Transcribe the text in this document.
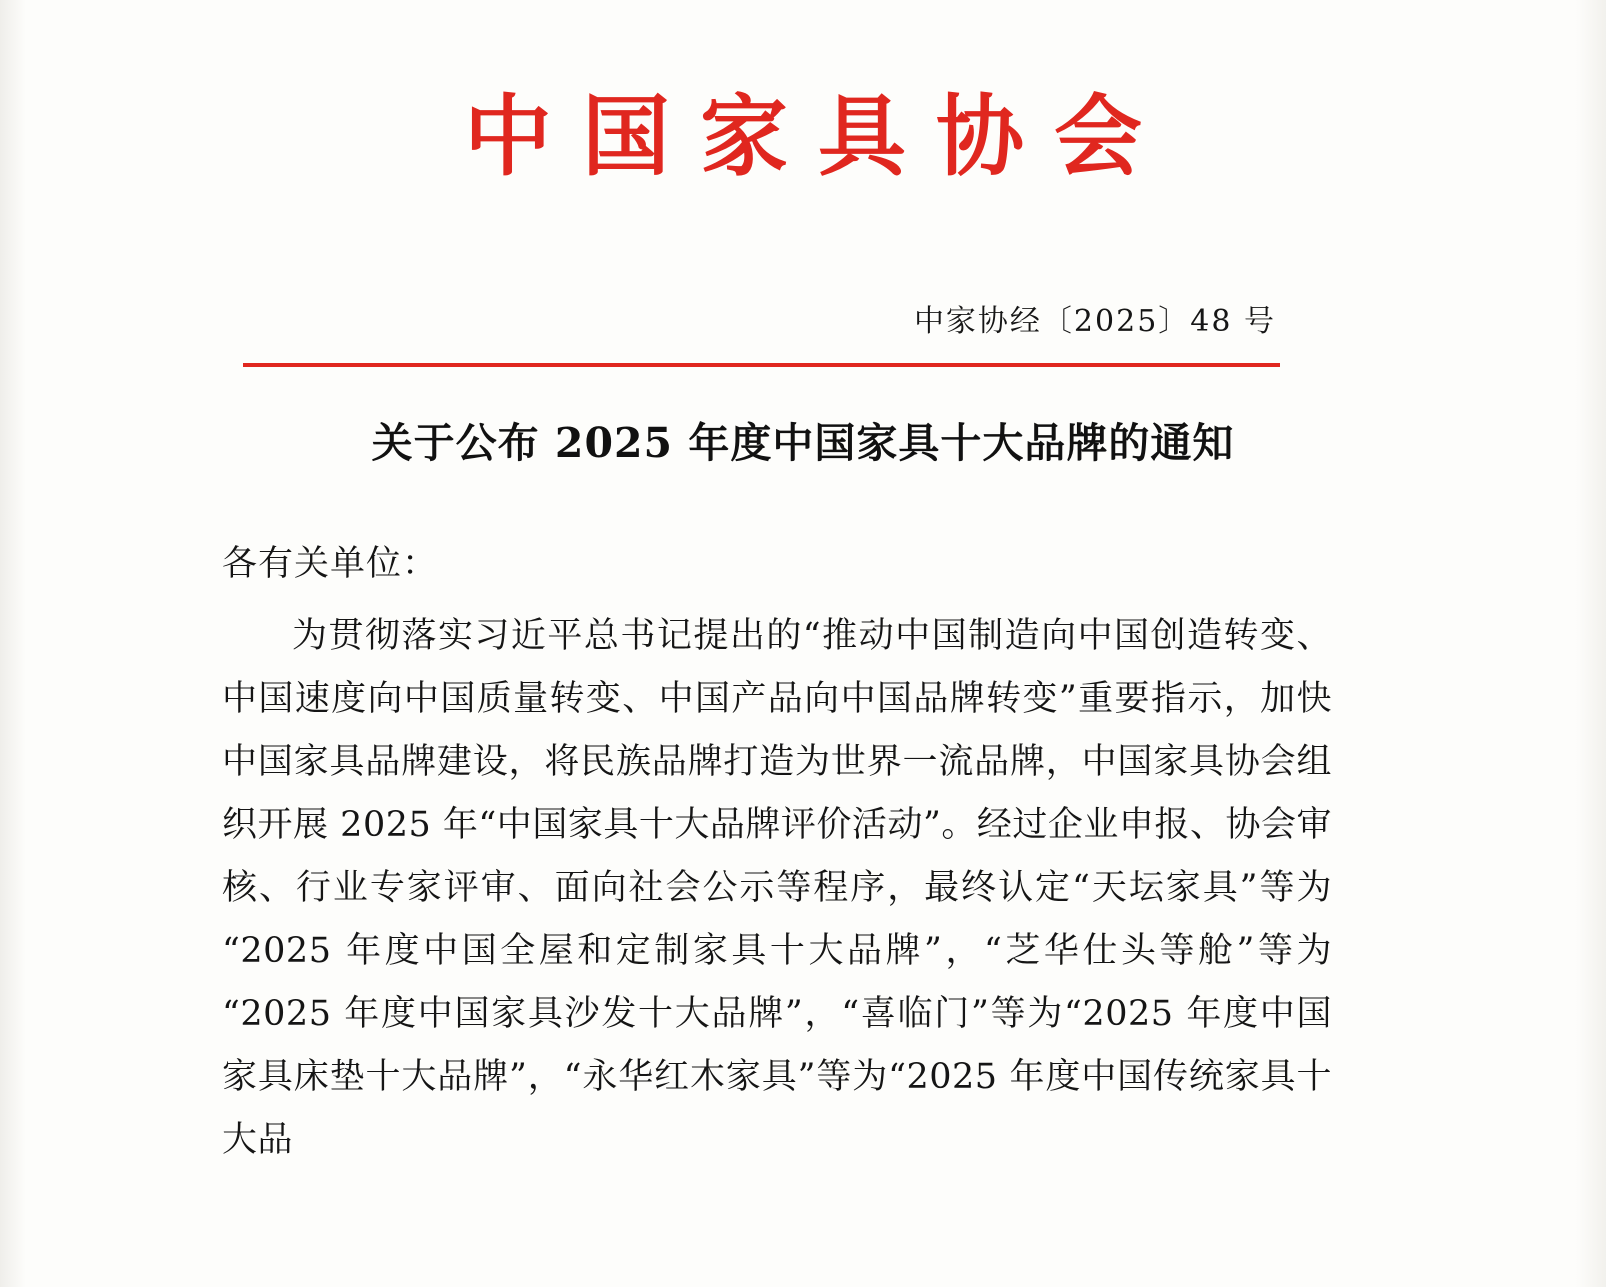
中国家具协会
中家协经〔2025〕48 号
关于公布 2025 年度中国家具十大品牌的通知
各有关单位：

为贯彻落实习近平总书记提出的“推动中国制造向中国创造转变、中国速度向中国质量转变、中国产品向中国品牌转变”重要指示，加快中国家具品牌建设，将民族品牌打造为世界一流品牌，中国家具协会组织开展 2025 年“中国家具十大品牌评价活动”。经过企业申报、协会审核、行业专家评审、面向社会公示等程序，最终认定“天坛家具”等为“2025 年度中国全屋和定制家具十大品牌”，“芝华仕头等舱”等为“2025 年度中国家具沙发十大品牌”，“喜临门”等为“2025 年度中国家具床垫十大品牌”，“永华红木家具”等为“2025 年度中国传统家具十大品
